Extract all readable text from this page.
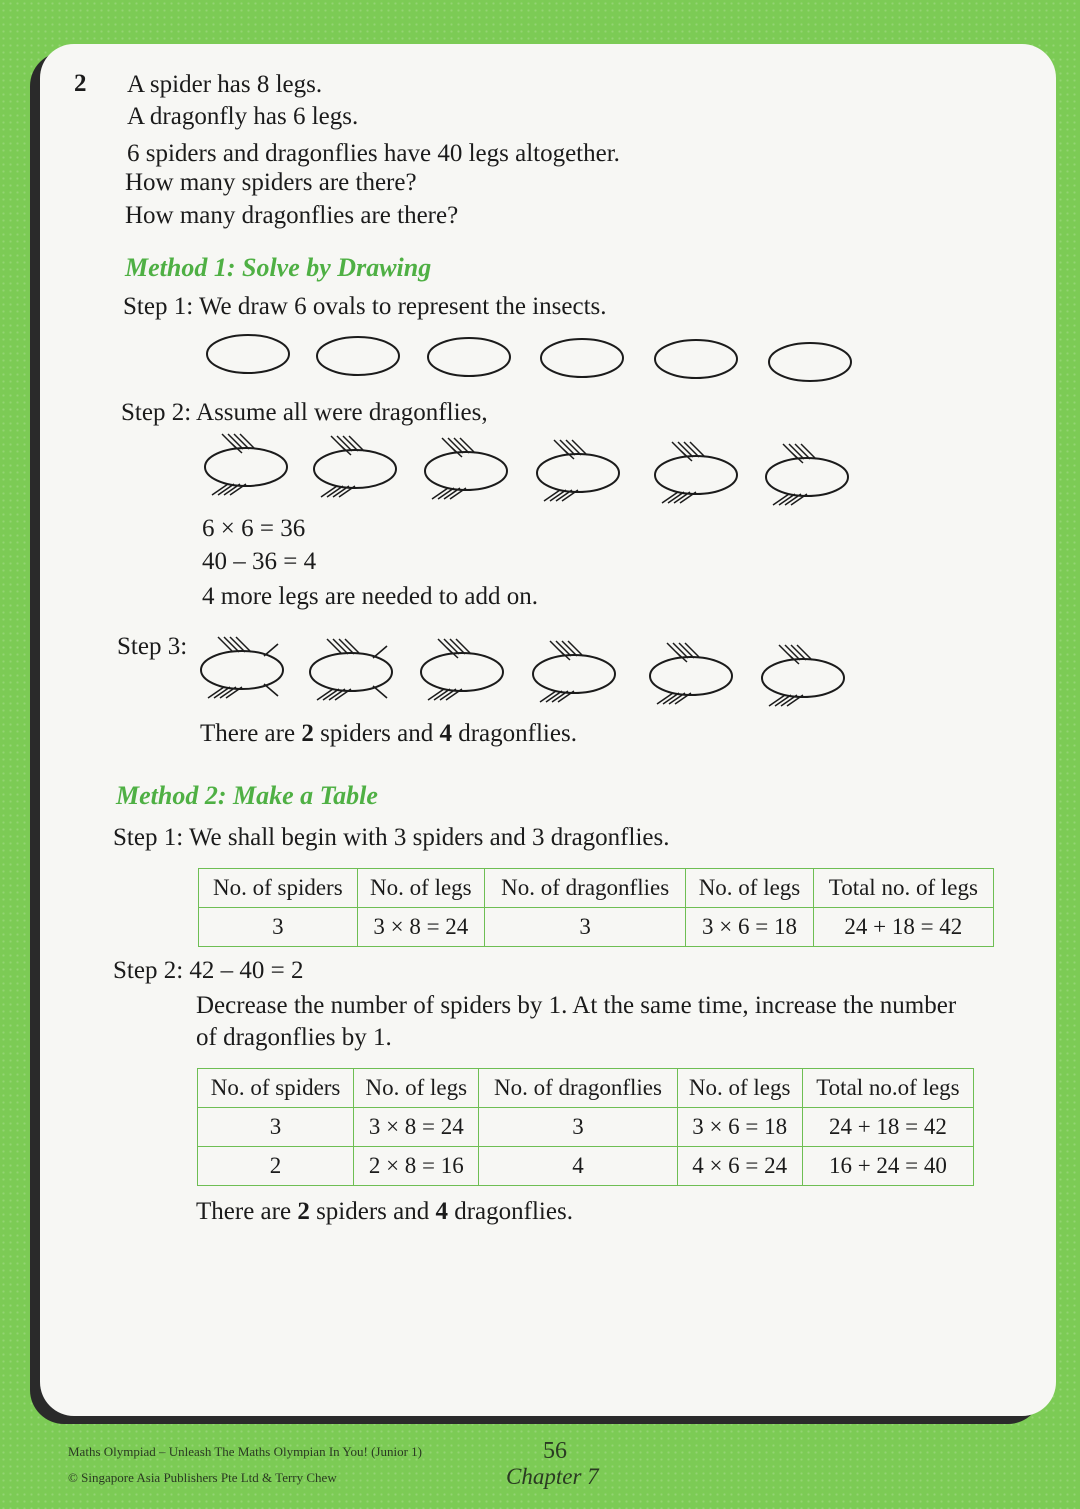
2 A spider has 8 legs.
A dragonfly has 6 legs.
6 spiders and dragonflies have 40 legs altogether.
How many spiders are there?
How many dragonflies are there?
Method 1: Solve by Drawing
Step 1: We draw 6 ovals to represent the insects.
Step 2: Assume all were dragonflies,
6 × 6 = 36
40 – 36 = 4
4 more legs are needed to add on.
Step 3:
There are 2 spiders and 4 dragonflies.
Method 2: Make a Table
Step 1: We shall begin with 3 spiders and 3 dragonflies.
No. of spiders	No. of legs	No. of dragonflies	No. of legs	Total no. of legs
3	3 × 8 = 24	3	3 × 6 = 18	24 + 18 = 42
Step 2: 42 – 40 = 2
Decrease the number of spiders by 1. At the same time, increase the number
of dragonflies by 1.
No. of spiders	No. of legs	No. of dragonflies	No. of legs	Total no.of legs
3	3 × 8 = 24	3	3 × 6 = 18	24 + 18 = 42
2	2 × 8 = 16	4	4 × 6 = 24	16 + 24 = 40
There are 2 spiders and 4 dragonflies.
Maths Olympiad – Unleash The Maths Olympian In You! (Junior 1)
© Singapore Asia Publishers Pte Ltd & Terry Chew
56
Chapter 7
